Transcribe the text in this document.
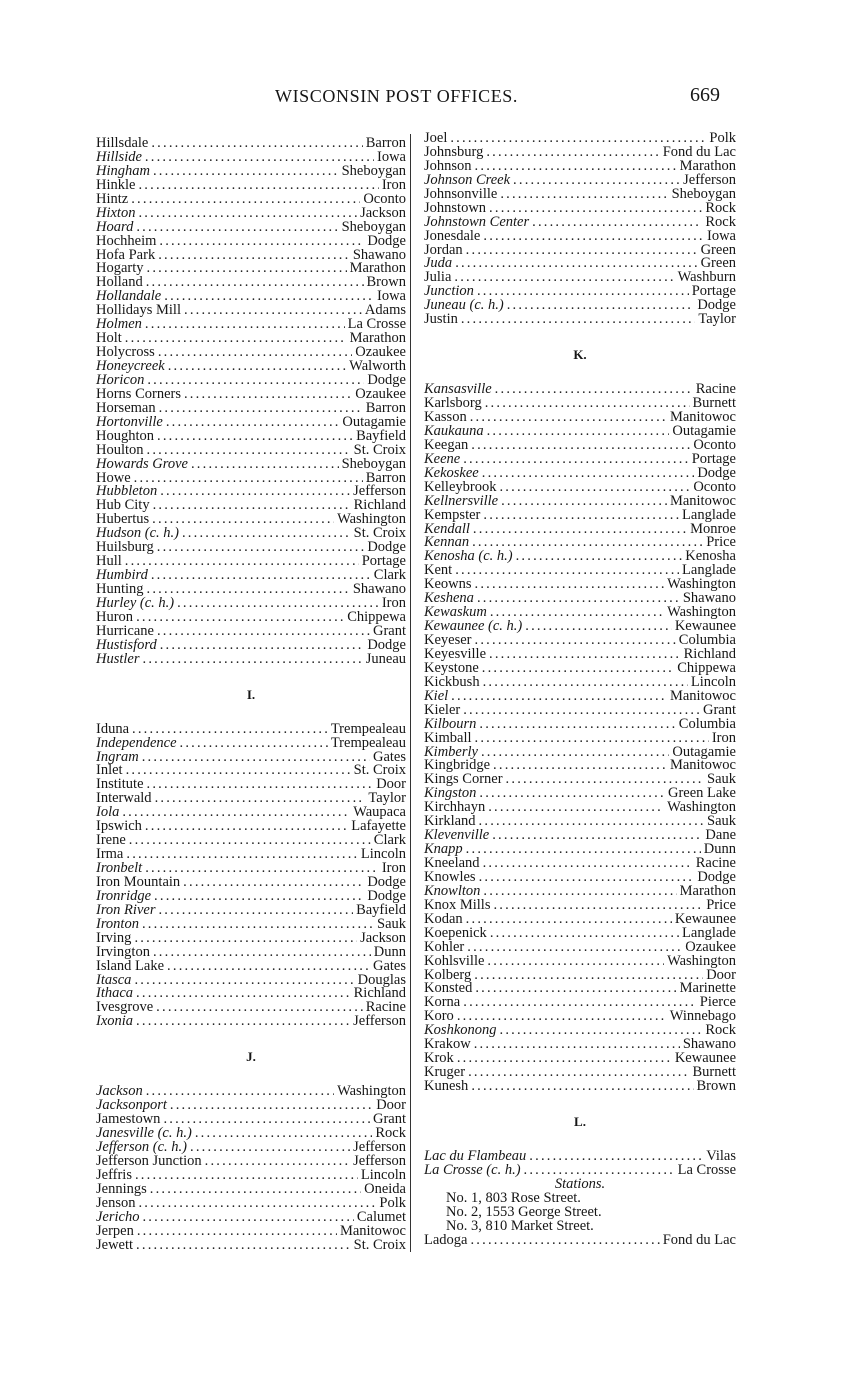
WISCONSIN POST OFFICES.	669
Hillsdale .....	Barron
Hillside .....	Iowa
Hingham .....	Sheboygan
Hinkle .....	Iron
Hintz .....	Oconto
Hixton .....	Jackson
Hoard .....	Sheboygan
Hochheim .....	Dodge
Hofa Park .....	Shawano
Hogarty .....	Marathon
Holland .....	Brown
Hollandale .....	Iowa
Hollidays Mill .....	Adams
Holmen .....	La Crosse
Holt .....	Marathon
Holycross .....	Ozaukee
Honeycreek .....	Walworth
Horicon .....	Dodge
Horns Corners .....	Ozaukee
Horseman .....	Barron
Hortonville .....	Outagamie
Houghton .....	Bayfield
Houlton .....	St. Croix
Howards Grove .....	Sheboygan
Howe .....	Barron
Hubbleton .....	Jefferson
Hub City .....	Richland
Hubertus .....	Washington
Hudson (c. h.) .....	St. Croix
Huilsburg .....	Dodge
Hull .....	Portage
Humbird .....	Clark
Hunting .....	Shawano
Hurley (c. h.) .....	Iron
Huron .....	Chippewa
Hurricane .....	Grant
Hustisford .....	Dodge
Hustler .....	Juneau
I.
Iduna .....	Trempealeau
Independence .....	Trempealeau
Ingram .....	Gates
Inlet .....	St. Croix
Institute .....	Door
Interwald .....	Taylor
Iola .....	Waupaca
Ipswich .....	Lafayette
Irene .....	Clark
Irma .....	Lincoln
Ironbelt .....	Iron
Iron Mountain .....	Dodge
Ironridge .....	Dodge
Iron River .....	Bayfield
Ironton .....	Sauk
Irving .....	Jackson
Irvington .....	Dunn
Island Lake .....	Gates
Itasca .....	Douglas
Ithaca .....	Richland
Ivesgrove .....	Racine
Ixonia .....	Jefferson
J.
Jackson .....	Washington
Jacksonport .....	Door
Jamestown .....	Grant
Janesville (c. h.) .....	Rock
Jefferson (c. h.) .....	Jefferson
Jefferson Junction .....	Jefferson
Jeffris .....	Lincoln
Jennings .....	Oneida
Jenson .....	Polk
Jericho .....	Calumet
Jerpen .....	Manitowoc
Jewett .....	St. Croix
Joel .....	Polk
Johnsburg .....	Fond du Lac
Johnson .....	Marathon
Johnson Creek .....	Jefferson
Johnsonville .....	Sheboygan
Johnstown .....	Rock
Johnstown Center .....	Rock
Jonesdale .....	Iowa
Jordan .....	Green
Juda .....	Green
Julia .....	Washburn
Junction .....	Portage
Juneau (c. h.) .....	Dodge
Justin .....	Taylor
K.
Kansasville .....	Racine
Karlsborg .....	Burnett
Kasson .....	Manitowoc
Kaukauna .....	Outagamie
Keegan .....	Oconto
Keene .....	Portage
Kekoskee .....	Dodge
Kelleybrook .....	Oconto
Kellnersville .....	Manitowoc
Kempster .....	Langlade
Kendall .....	Monroe
Kennan .....	Price
Kenosha (c. h.) .....	Kenosha
Kent .....	Langlade
Keowns .....	Washington
Keshena .....	Shawano
Kewaskum .....	Washington
Kewaunee (c. h.) .....	Kewaunee
Keyeser .....	Columbia
Keyesville .....	Richland
Keystone .....	Chippewa
Kickbush .....	Lincoln
Kiel .....	Manitowoc
Kieler .....	Grant
Kilbourn .....	Columbia
Kimball .....	Iron
Kimberly .....	Outagamie
Kingbridge .....	Manitowoc
Kings Corner .....	Sauk
Kingston .....	Green Lake
Kirchhayn .....	Washington
Kirkland .....	Sauk
Klevenville .....	Dane
Knapp .....	Dunn
Kneeland .....	Racine
Knowles .....	Dodge
Knowlton .....	Marathon
Knox Mills .....	Price
Kodan .....	Kewaunee
Koepenick .....	Langlade
Kohler .....	Ozaukee
Kohlsville .....	Washington
Kolberg .....	Door
Konsted .....	Marinette
Korna .....	Pierce
Koro .....	Winnebago
Koshkonong .....	Rock
Krakow .....	Shawano
Krok .....	Kewaunee
Kruger .....	Burnett
Kunesh .....	Brown
L.
Lac du Flambeau .....	Vilas
La Crosse (c. h.) .....	La Crosse
Stations.
No. 1, 803 Rose Street.
No. 2, 1553 George Street.
No. 3, 810 Market Street.
Ladoga .....	Fond du Lac
